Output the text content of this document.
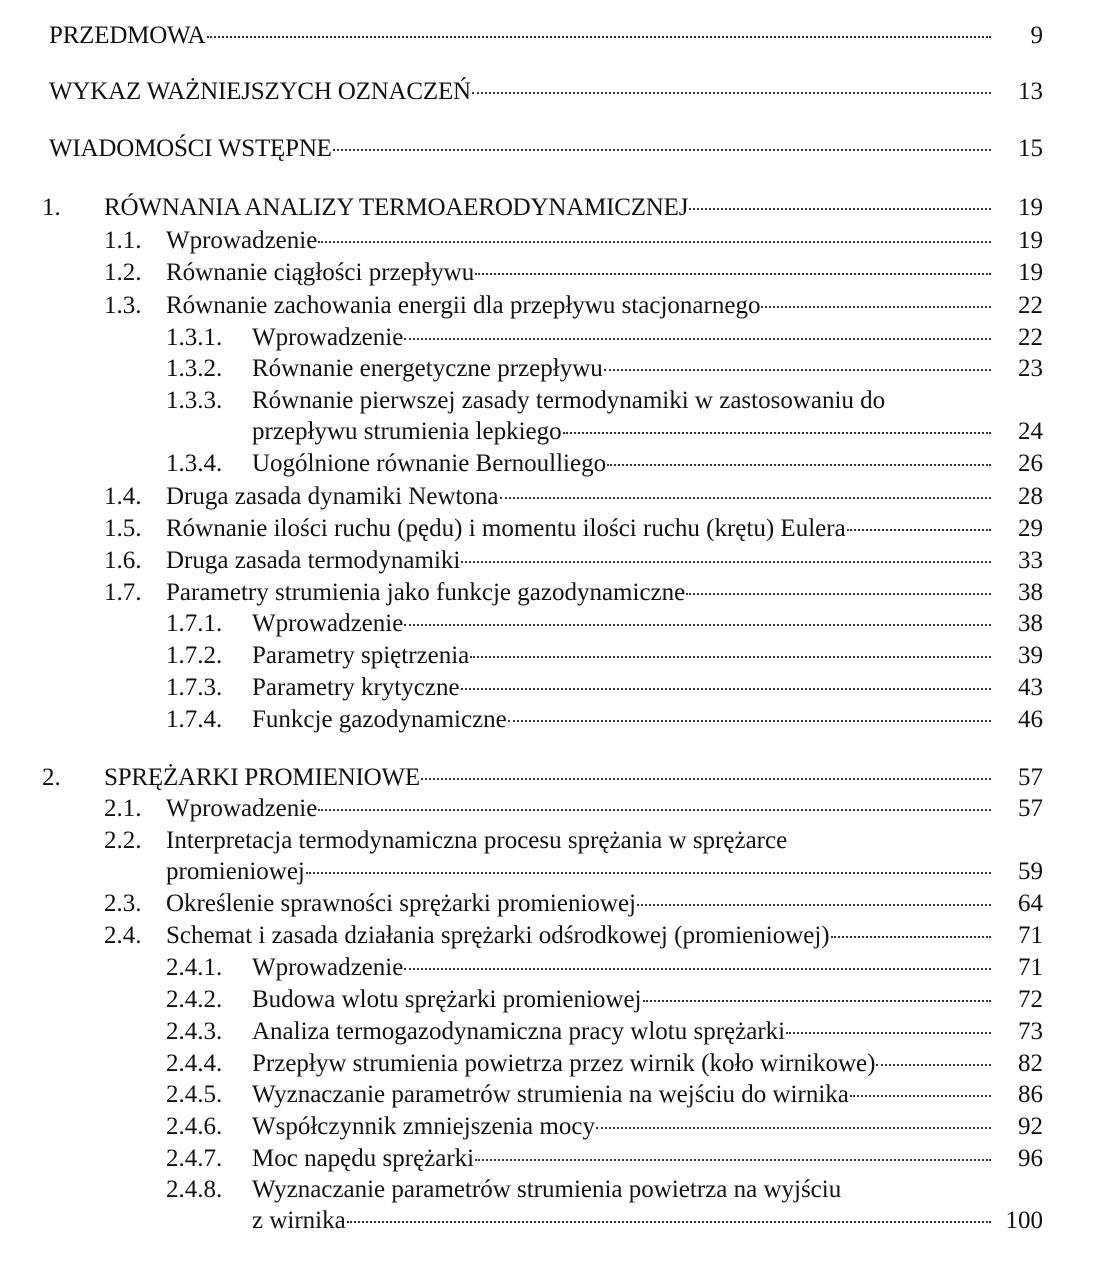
PRZEDMOWA	9
WYKAZ WAŻNIEJSZYCH OZNACZEŃ	13
WIADOMOŚCI WSTĘPNE	15
1. RÓWNANIA ANALIZY TERMOAERODYNAMICZNEJ	19
1.1. Wprowadzenie	19
1.2. Równanie ciągłości przepływu	19
1.3. Równanie zachowania energii dla przepływu stacjonarnego	22
1.3.1. Wprowadzenie	22
1.3.2. Równanie energetyczne przepływu	23
1.3.3. Równanie pierwszej zasady termodynamiki w zastosowaniu do
przepływu strumienia lepkiego	24
1.3.4. Uogólnione równanie Bernoulliego	26
1.4. Druga zasada dynamiki Newtona	28
1.5. Równanie ilości ruchu (pędu) i momentu ilości ruchu (krętu) Eulera	29
1.6. Druga zasada termodynamiki	33
1.7. Parametry strumienia jako funkcje gazodynamiczne	38
1.7.1. Wprowadzenie	38
1.7.2. Parametry spiętrzenia	39
1.7.3. Parametry krytyczne	43
1.7.4. Funkcje gazodynamiczne	46
2. SPRĘŻARKI PROMIENIOWE	57
2.1. Wprowadzenie	57
2.2. Interpretacja termodynamiczna procesu sprężania w sprężarce
promieniowej	59
2.3. Określenie sprawności sprężarki promieniowej	64
2.4. Schemat i zasada działania sprężarki odśrodkowej (promieniowej)	71
2.4.1. Wprowadzenie	71
2.4.2. Budowa wlotu sprężarki promieniowej	72
2.4.3. Analiza termogazodynamiczna pracy wlotu sprężarki	73
2.4.4. Przepływ strumienia powietrza przez wirnik (koło wirnikowe)	82
2.4.5. Wyznaczanie parametrów strumienia na wejściu do wirnika	86
2.4.6. Współczynnik zmniejszenia mocy	92
2.4.7. Moc napędu sprężarki	96
2.4.8. Wyznaczanie parametrów strumienia powietrza na wyjściu
z wirnika	100
